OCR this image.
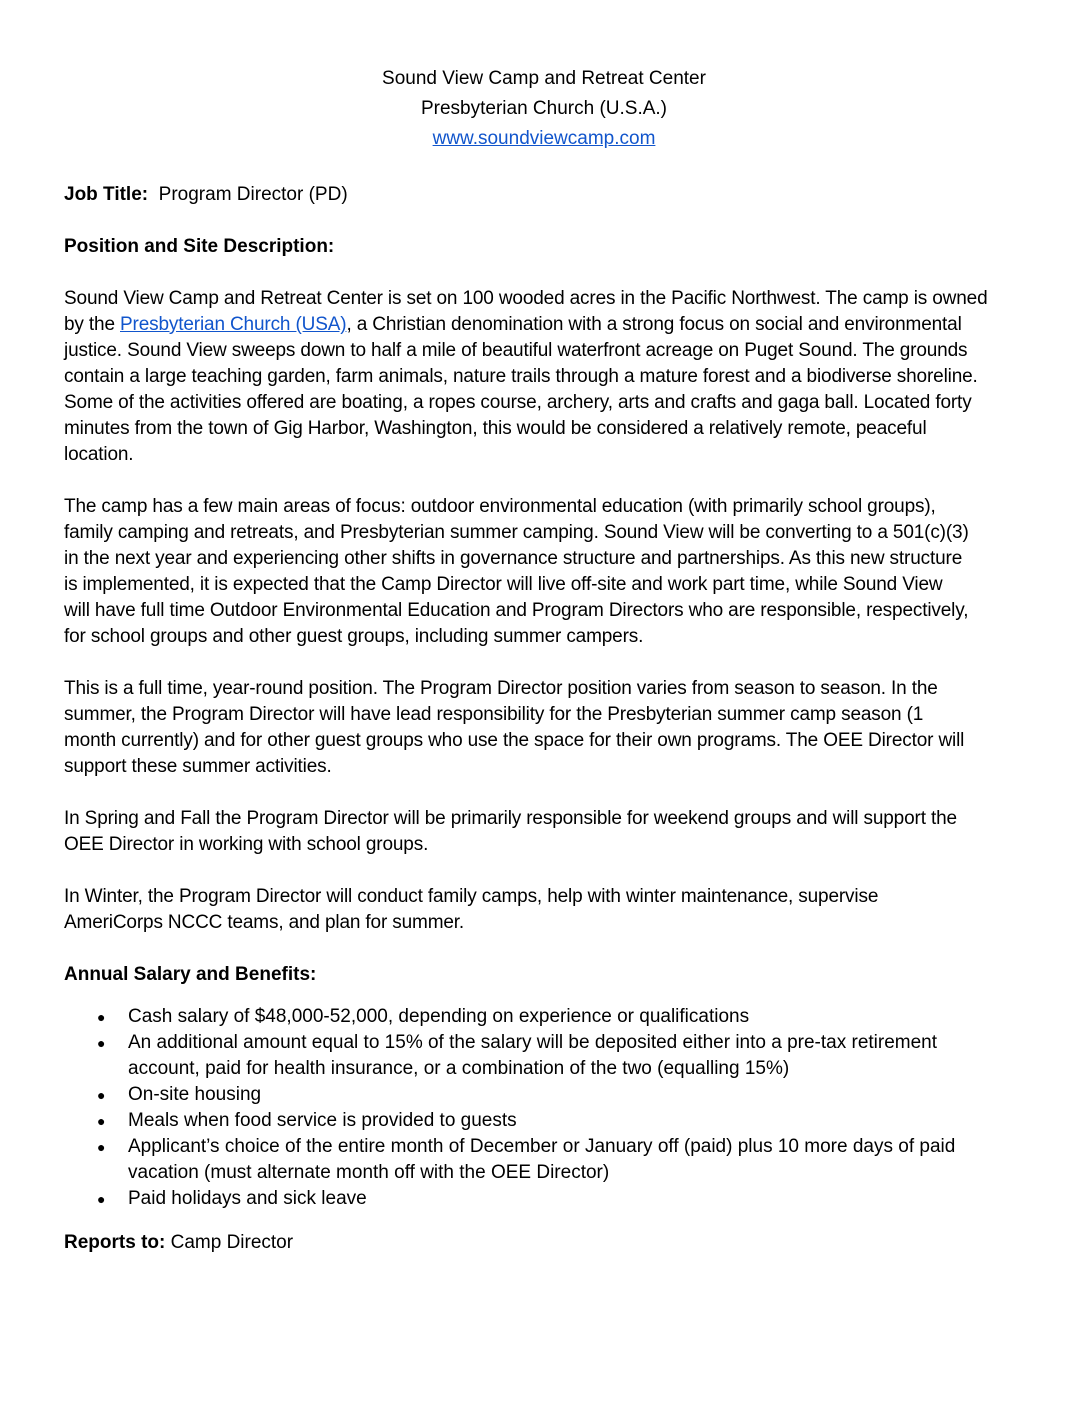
Sound View Camp and Retreat Center
Presbyterian Church (U.S.A.)
www.soundviewcamp.com
Job Title: Program Director (PD)
Position and Site Description:
Sound View Camp and Retreat Center is set on 100 wooded acres in the Pacific Northwest. The camp is owned
by the Presbyterian Church (USA), a Christian denomination with a strong focus on social and environmental
justice. Sound View sweeps down to half a mile of beautiful waterfront acreage on Puget Sound. The grounds
contain a large teaching garden, farm animals, nature trails through a mature forest and a biodiverse shoreline.
Some of the activities offered are boating, a ropes course, archery, arts and crafts and gaga ball. Located forty
minutes from the town of Gig Harbor, Washington, this would be considered a relatively remote, peaceful
location.
The camp has a few main areas of focus: outdoor environmental education (with primarily school groups),
family camping and retreats, and Presbyterian summer camping. Sound View will be converting to a 501(c)(3)
in the next year and experiencing other shifts in governance structure and partnerships. As this new structure
is implemented, it is expected that the Camp Director will live off-site and work part time, while Sound View
will have full time Outdoor Environmental Education and Program Directors who are responsible, respectively,
for school groups and other guest groups, including summer campers.
This is a full time, year-round position. The Program Director position varies from season to season. In the
summer, the Program Director will have lead responsibility for the Presbyterian summer camp season (1
month currently) and for other guest groups who use the space for their own programs. The OEE Director will
support these summer activities.
In Spring and Fall the Program Director will be primarily responsible for weekend groups and will support the
OEE Director in working with school groups.
In Winter, the Program Director will conduct family camps, help with winter maintenance, supervise
AmeriCorps NCCC teams, and plan for summer.
Annual Salary and Benefits:
● Cash salary of $48,000-52,000, depending on experience or qualifications
● An additional amount equal to 15% of the salary will be deposited either into a pre-tax retirement
account, paid for health insurance, or a combination of the two (equalling 15%)
● On-site housing
● Meals when food service is provided to guests
● Applicant’s choice of the entire month of December or January off (paid) plus 10 more days of paid
vacation (must alternate month off with the OEE Director)
● Paid holidays and sick leave
Reports to: Camp Director
